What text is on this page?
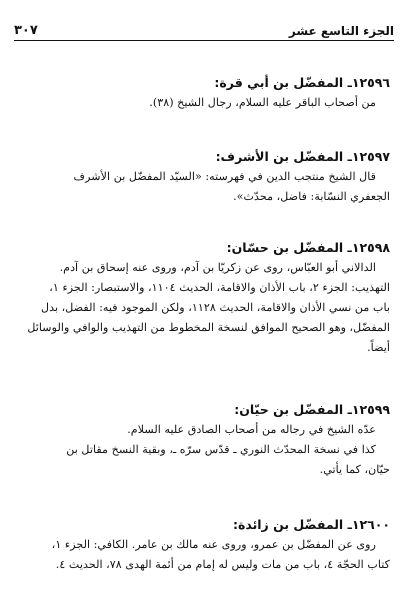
الجزء التاسع عشر
٣٠٧

١٢٥٩٦ـ المفضّل بن أبي قرة:

من أصحاب الباقر عليه السلام، رجال الشيخ (٣٨).

١٢٥٩٧ـ المفضّل بن الأشرف:

قال الشيخ منتجب الدين في فهرسته: «السيّد المفضّل بن الأشرف

الجعفري النسّابة: فاضل، محدّث».

١٢٥٩٨ـ المفضّل بن حسّان:

الدالاني أبو العبّاس، روى عن زكريّا بن آدم، وروى عنه إسحاق بن آدم.

التهذيب: الجزء ٢، باب الأذان والاقامة، الحديث ١١٠٤، والاستبصار: الجزء ١،

باب من نسي الأذان والاقامة، الحديث ١١٢٨، ولكن الموجود فيه: الفضل، بدل

المفضّل، وهو الصحيح الموافق لنسخة المخطوط من التهذيب والوافي والوسائل

أيضاً.

١٢٥٩٩ـ المفضّل بن حيّان:

عدّه الشيخ في رجاله من أصحاب الصادق عليه السلام.

كذا في نسخة المحدّث النوري ـ قدّس سرّه ـ، وبقية النسخ مقاتل بن

حيّان، كما يأتي.

١٢٦٠٠ـ المفضّل بن زائدة:

روى عن المفضّل بن عمرو، وروى عنه مالك بن عامر. الكافي: الجزء ١،

كتاب الحجّة ٤، باب من مات وليس له إمام من أئمة الهدى ٧٨، الحديث ٤.
